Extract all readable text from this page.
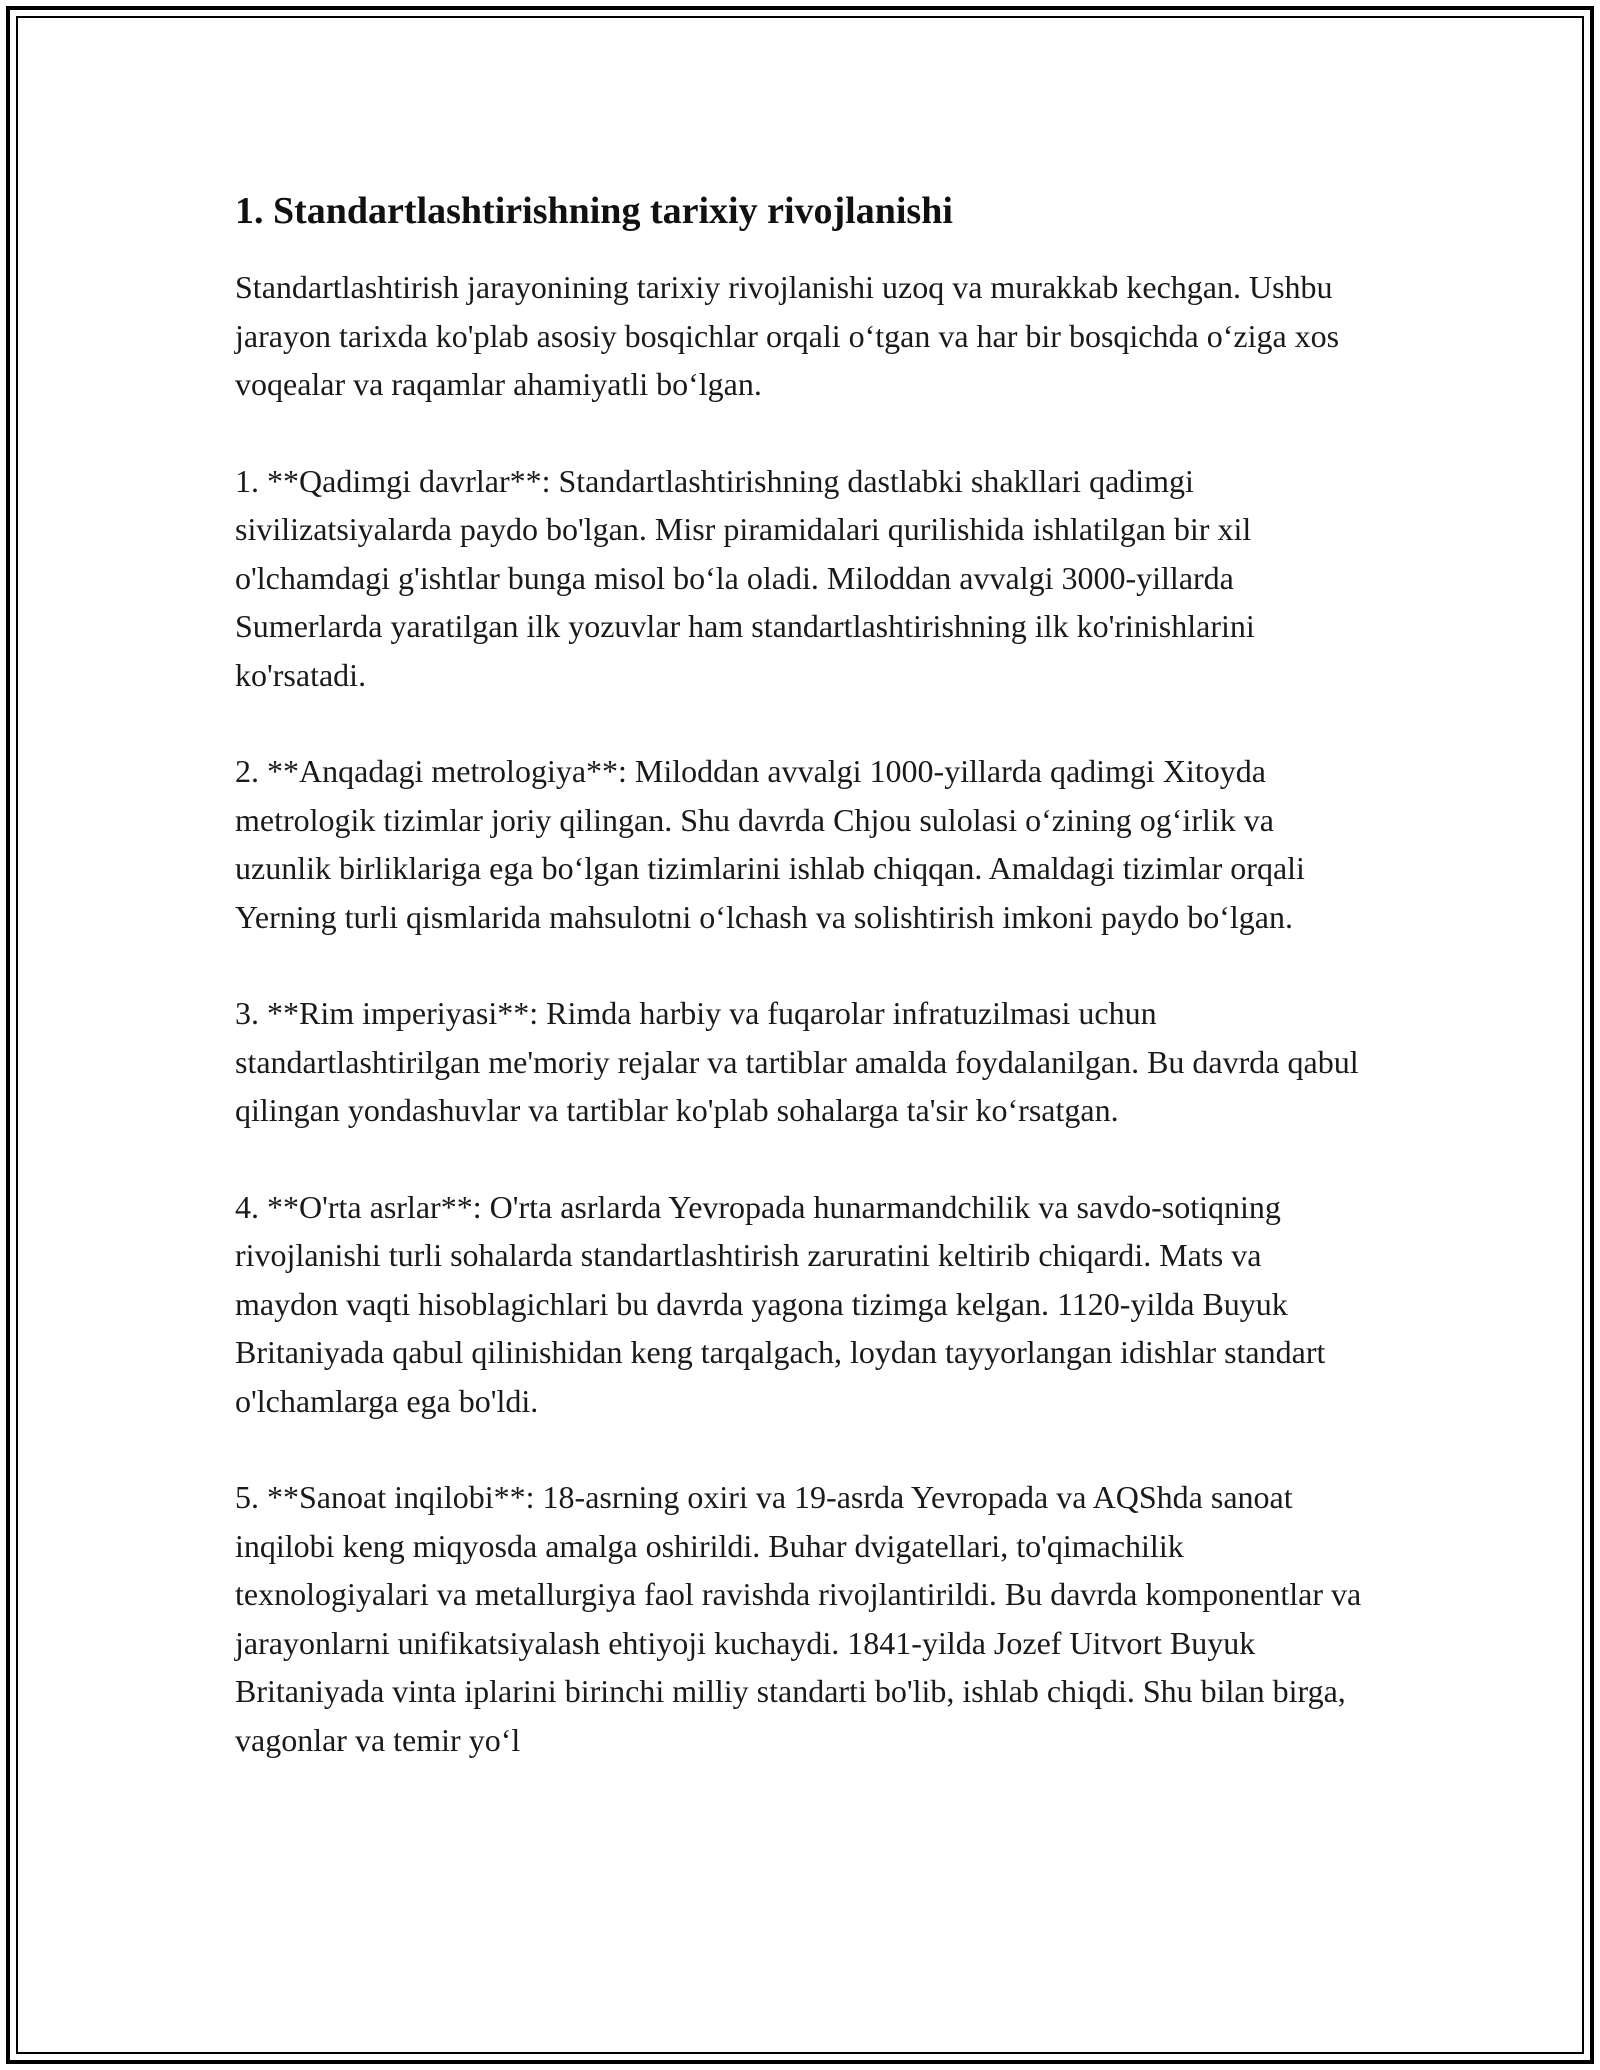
1. Standartlashtirishning tarixiy rivojlanishi

Standartlashtirish jarayonining tarixiy rivojlanishi uzoq va murakkab kechgan. Ushbu jarayon tarixda ko'plab asosiy bosqichlar orqali o‘tgan va har bir bosqichda o‘ziga xos voqealar va raqamlar ahamiyatli bo‘lgan.

1. **Qadimgi davrlar**: Standartlashtirishning dastlabki shakllari qadimgi sivilizatsiyalarda paydo bo'lgan. Misr piramidalari qurilishida ishlatilgan bir xil o'lchamdagi g'ishtlar bunga misol bo‘la oladi. Miloddan avvalgi 3000-yillarda Sumerlarda yaratilgan ilk yozuvlar ham standartlashtirishning ilk ko'rinishlarini ko'rsatadi.

2. **Anqadagi metrologiya**: Miloddan avvalgi 1000-yillarda qadimgi Xitoyda metrologik tizimlar joriy qilingan. Shu davrda Chjou sulolasi o‘zining og‘irlik va uzunlik birliklariga ega bo‘lgan tizimlarini ishlab chiqqan. Amaldagi tizimlar orqali Yerning turli qismlarida mahsulotni o‘lchash va solishtirish imkoni paydo bo‘lgan.

3. **Rim imperiyasi**: Rimda harbiy va fuqarolar infratuzilmasi uchun standartlashtirilgan me'moriy rejalar va tartiblar amalda foydalanilgan. Bu davrda qabul qilingan yondashuvlar va tartiblar ko'plab sohalarga ta'sir ko‘rsatgan.

4. **O'rta asrlar**: O'rta asrlarda Yevropada hunarmandchilik va savdo-sotiqning rivojlanishi turli sohalarda standartlashtirish zaruratini keltirib chiqardi. Mats va maydon vaqti hisoblagichlari bu davrda yagona tizimga kelgan. 1120-yilda Buyuk Britaniyada qabul qilinishidan keng tarqalgach, loydan tayyorlangan idishlar standart o'lchamlarga ega bo'ldi.

5. **Sanoat inqilobi**: 18-asrning oxiri va 19-asrda Yevropada va AQShda sanoat inqilobi keng miqyosda amalga oshirildi. Buhar dvigatellari, to'qimachilik texnologiyalari va metallurgiya faol ravishda rivojlantirildi. Bu davrda komponentlar va jarayonlarni unifikatsiyalash ehtiyoji kuchaydi. 1841-yilda Jozef Uitvort Buyuk Britaniyada vinta iplarini birinchi milliy standarti bo'lib, ishlab chiqdi. Shu bilan birga, vagonlar va temir yo‘l
